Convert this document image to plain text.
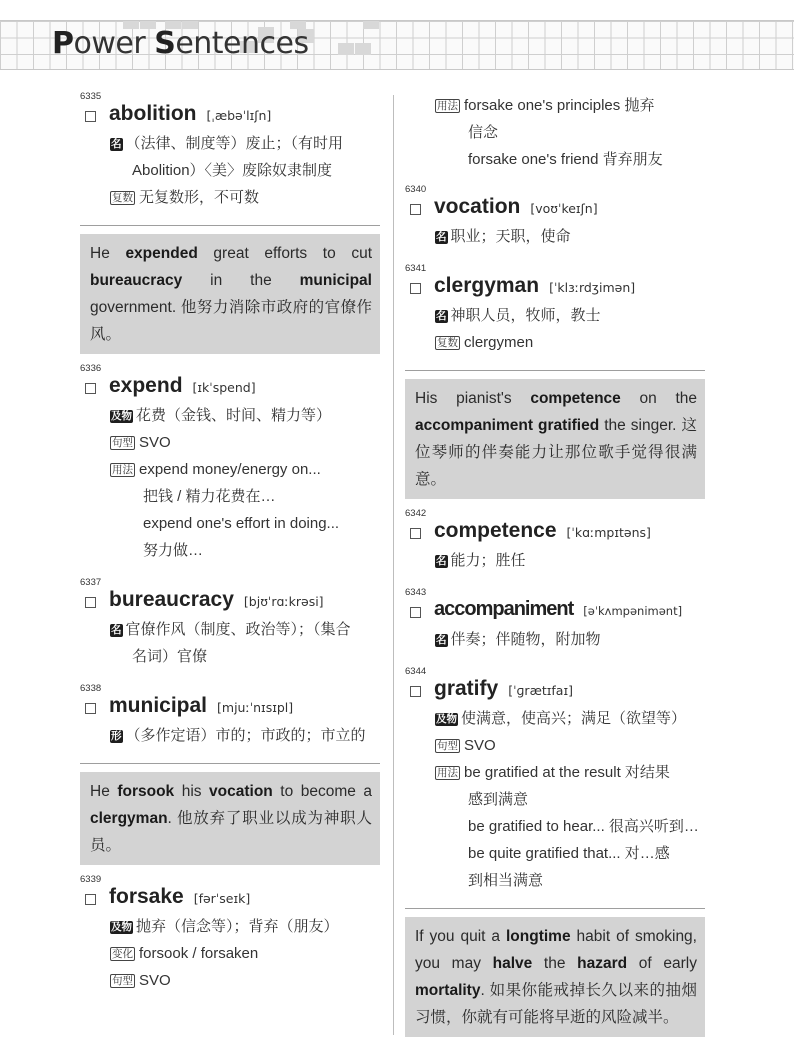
Power Sentences
6335
abolition [ˌæbəˈlɪʃn]
名 （法律、制度等）废止；（有时用
Abolition）〈美〉废除奴隶制度
复数 无复数形，不可数
He expended great efforts to cut bureaucracy in the municipal government. 他努力消除市政府的官僚作风。
6336
expend [ɪkˈspend]
及物 花费（金钱、时间、精力等）
句型 SVO
用法 expend money/energy on...
把钱 / 精力花费在…
expend one's effort in doing...
努力做…
6337
bureaucracy [bjʊˈrɑːkrəsi]
名 官僚作风（制度、政治等）；（集合
名词）官僚
6338
municipal [mjuːˈnɪsɪpl]
形 （多作定语）市的；市政的；市立的
He forsook his vocation to become a clergyman. 他放弃了职业以成为神职人员。
6339
forsake [fərˈseɪk]
及物 抛弃（信念等）；背弃（朋友）
变化 forsook / forsaken
句型 SVO
用法 forsake one's principles 抛弃
信念
forsake one's friend 背弃朋友
6340
vocation [voʊˈkeɪʃn]
名 职业；天职，使命
6341
clergyman [ˈklɜːrdʒimən]
名 神职人员，牧师，教士
复数 clergymen
His pianist's competence on the accompaniment gratified the singer. 这位琴师的伴奏能力让那位歌手觉得很满意。
6342
competence [ˈkɑːmpɪtəns]
名 能力；胜任
6343
accompaniment [əˈkʌmpənimənt]
名 伴奏；伴随物，附加物
6344
gratify [ˈɡrætɪfaɪ]
及物 使满意，使高兴；满足（欲望等）
句型 SVO
用法 be gratified at the result 对结果
感到满意
be gratified to hear... 很高兴听到…
be quite gratified that... 对…感
到相当满意
If you quit a longtime habit of smoking, you may halve the hazard of early mortality. 如果你能戒掉长久以来的抽烟习惯，你就有可能将早逝的风险减半。
